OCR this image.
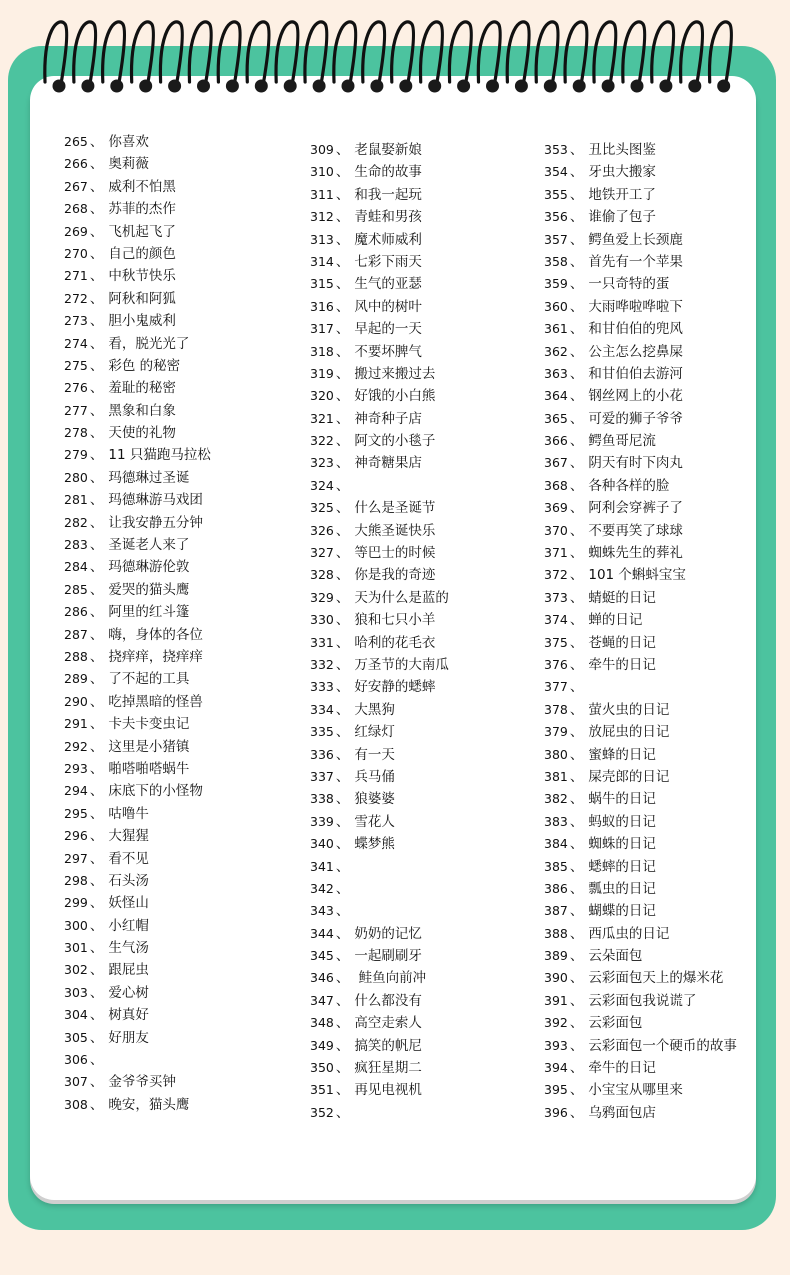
265 、 你喜欢
266 、 奥莉薇
267 、 威利不怕黑
268 、 苏菲的杰作
269 、 飞机起飞了
270 、 自己的颜色
271 、 中秋节快乐
272 、 阿秋和阿狐
273 、 胆小鬼威利
274 、 看，脱光光了
275 、 彩色 的秘密
276 、 羞耻的秘密
277 、 黑象和白象
278 、 天使的礼物
279 、 11 只猫跑马拉松
280 、 玛德琳过圣诞
281 、 玛德琳游马戏团
282 、 让我安静五分钟
283 、 圣诞老人来了
284 、 玛德琳游伦敦
285 、 爱哭的猫头鹰
286 、 阿里的红斗篷
287 、 嗨，身体的各位
288 、 挠痒痒，挠痒痒
289 、 了不起的工具
290 、 吃掉黑暗的怪兽
291 、 卡夫卡变虫记
292 、 这里是小猪镇
293 、 啪嗒啪嗒蜗牛
294 、 床底下的小怪物
295 、 咕噜牛
296 、 大猩猩
297 、 看不见
298 、 石头汤
299 、 妖怪山
300 、 小红帽
301 、 生气汤
302 、 跟屁虫
303 、 爱心树
304 、 树真好
305 、 好朋友
306 、
307 、 金爷爷买钟
308 、 晚安，猫头鹰
309 、 老鼠娶新娘
310 、 生命的故事
311 、 和我一起玩
312 、 青蛙和男孩
313 、 魔术师威利
314 、 七彩下雨天
315 、 生气的亚瑟
316 、 风中的树叶
317 、 早起的一天
318 、 不要坏脾气
319 、 搬过来搬过去
320 、 好饿的小白熊
321 、 神奇种子店
322 、 阿文的小毯子
323 、 神奇糖果店
324 、
325 、 什么是圣诞节
326 、 大熊圣诞快乐
327 、 等巴士的时候
328 、 你是我的奇迹
329 、 天为什么是蓝的
330 、 狼和七只小羊
331 、 哈利的花毛衣
332 、 万圣节的大南瓜
333 、 好安静的蟋蟀
334 、 大黑狗
335 、 红绿灯
336 、 有一天
337 、 兵马俑
338 、 狼婆婆
339 、 雪花人
340 、 蝶梦熊
341 、
342 、
343 、
344 、 奶奶的记忆
345 、 一起刷刷牙
346 、 鲑鱼向前冲
347 、 什么都没有
348 、 高空走索人
349 、 搞笑的帆尼
350 、 疯狂星期二
351 、 再见电视机
352 、
353 、 丑比头图鉴
354 、 牙虫大搬家
355 、 地铁开工了
356 、 谁偷了包子
357 、 鳄鱼爱上长颈鹿
358 、 首先有一个苹果
359 、 一只奇特的蛋
360 、 大雨哗啦哗啦下
361 、 和甘伯伯的兜风
362 、 公主怎么挖鼻屎
363 、 和甘伯伯去游河
364 、 钢丝网上的小花
365 、 可爱的狮子爷爷
366 、 鳄鱼哥尼流
367 、 阴天有时下肉丸
368 、 各种各样的脸
369 、 阿利会穿裤子了
370 、 不要再笑了球球
371 、 蜘蛛先生的葬礼
372 、 101 个蝌蚪宝宝
373 、 蜻蜓的日记
374 、 蝉的日记
375 、 苍蝇的日记
376 、 牵牛的日记
377 、
378 、 萤火虫的日记
379 、 放屁虫的日记
380 、 蜜蜂的日记
381 、 屎壳郎的日记
382 、 蜗牛的日记
383 、 蚂蚁的日记
384 、 蜘蛛的日记
385 、 蟋蟀的日记
386 、 瓢虫的日记
387 、 蝴蝶的日记
388 、 西瓜虫的日记
389 、 云朵面包
390 、 云彩面包天上的爆米花
391 、 云彩面包我说谎了
392 、 云彩面包
393 、 云彩面包一个硬币的故事
394 、 牵牛的日记
395 、 小宝宝从哪里来
396 、 乌鸦面包店
